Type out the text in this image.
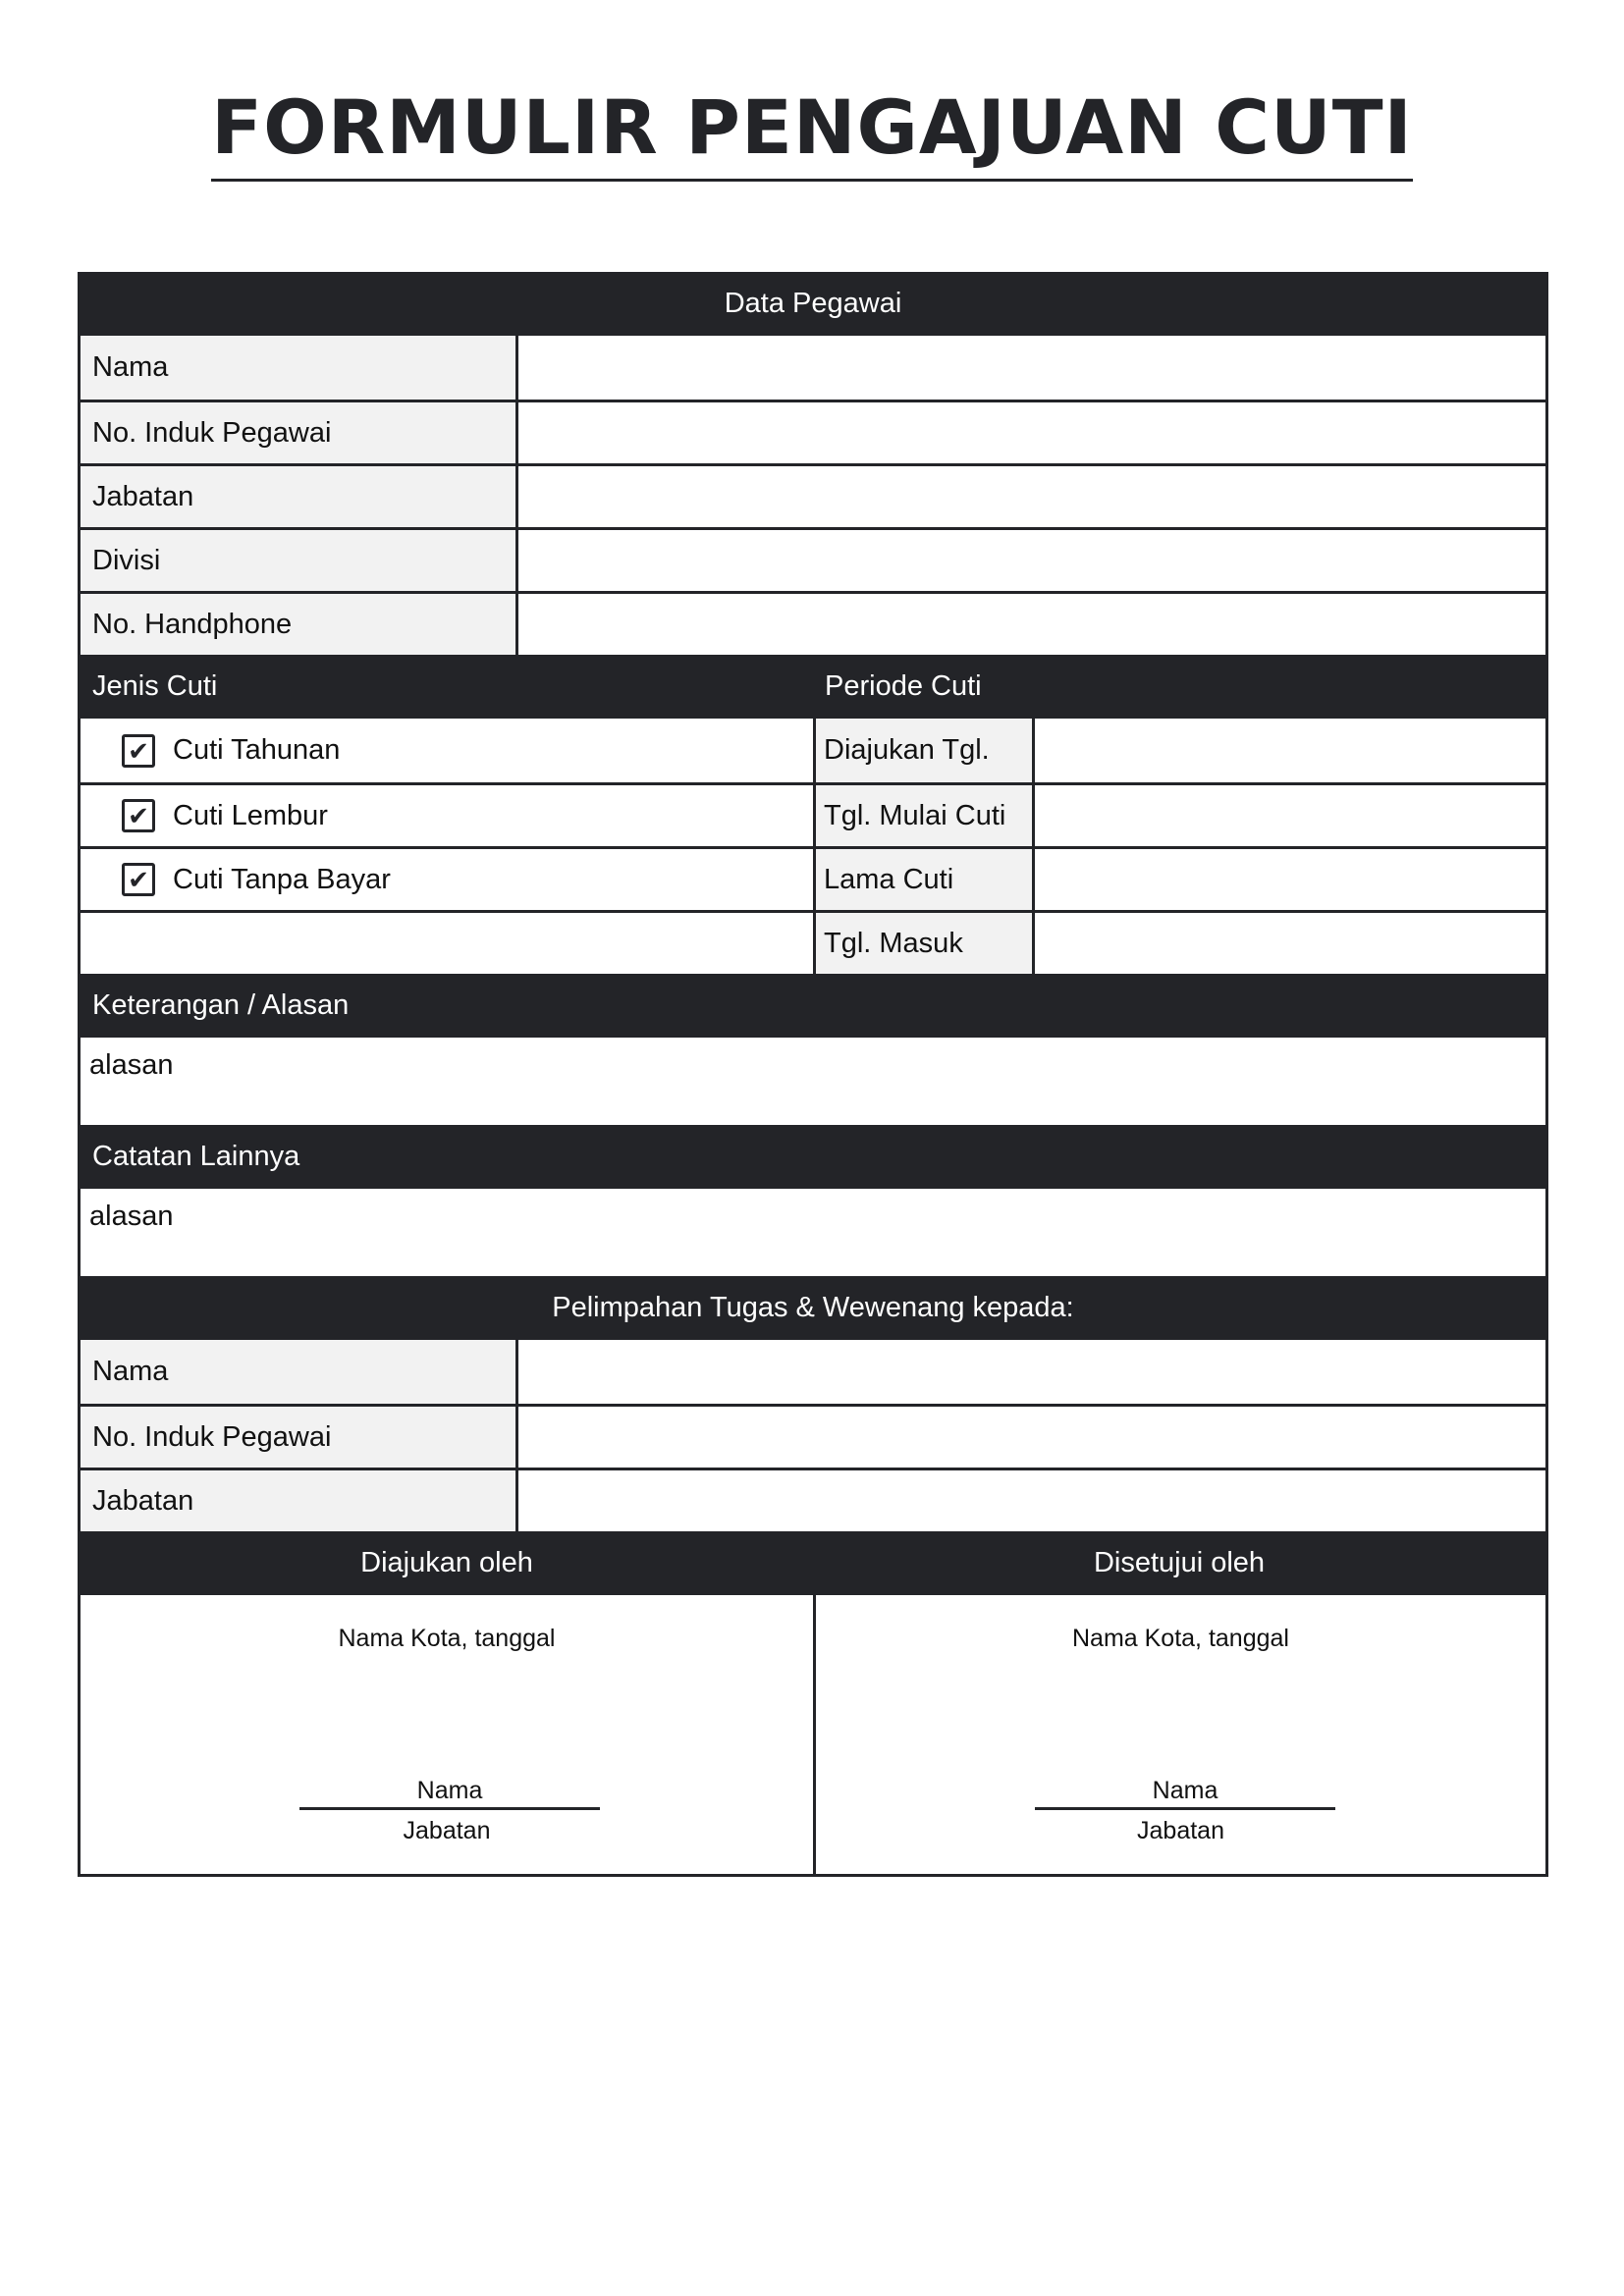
FORMULIR PENGAJUAN CUTI
Data Pegawai
Nama
No. Induk Pegawai
Jabatan
Divisi
No. Handphone
Jenis Cuti	Periode Cuti
✔ Cuti Tahunan
✔ Cuti Lembur
✔ Cuti Tanpa Bayar
Diajukan Tgl.
Tgl. Mulai Cuti
Lama Cuti
Tgl. Masuk
Keterangan / Alasan
alasan
Catatan Lainnya
alasan
Pelimpahan Tugas & Wewenang kepada:
Nama
No. Induk Pegawai
Jabatan
Diajukan oleh	Disetujui oleh
Nama Kota, tanggal
Nama
Jabatan
Nama Kota, tanggal
Nama
Jabatan
